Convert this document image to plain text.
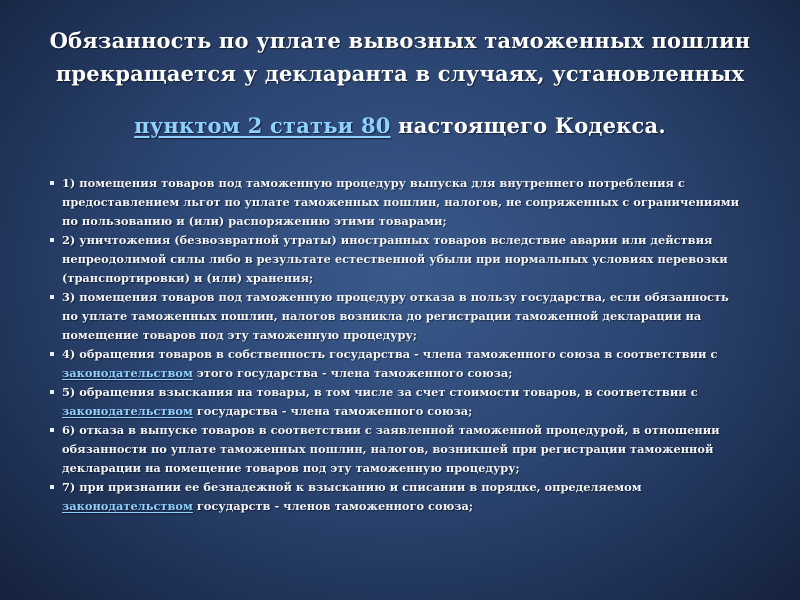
Обязанность по уплате вывозных таможенных пошлин
прекращается у декларанта в случаях, установленных
пунктом 2 статьи 80 настоящего Кодекса.
1) помещения товаров под таможенную процедуру выпуска для внутреннего потребления с предоставлением льгот по уплате таможенных пошлин, налогов, не сопряженных с ограничениями по пользованию и (или) распоряжению этими товарами;
2) уничтожения (безвозвратной утраты) иностранных товаров вследствие аварии или действия непреодолимой силы либо в результате естественной убыли при нормальных условиях перевозки (транспортировки) и (или) хранения;
3) помещения товаров под таможенную процедуру отказа в пользу государства, если обязанность по уплате таможенных пошлин, налогов возникла до регистрации таможенной декларации на помещение товаров под эту таможенную процедуру;
4) обращения товаров в собственность государства - члена таможенного союза в соответствии с законодательством этого государства - члена таможенного союза;
5) обращения взыскания на товары, в том числе за счет стоимости товаров, в соответствии с законодательством государства - члена таможенного союза;
6) отказа в выпуске товаров в соответствии с заявленной таможенной процедурой, в отношении обязанности по уплате таможенных пошлин, налогов, возникшей при регистрации таможенной декларации на помещение товаров под эту таможенную процедуру;
7) при признании ее безнадежной к взысканию и списании в порядке, определяемом законодательством государств - членов таможенного союза;
